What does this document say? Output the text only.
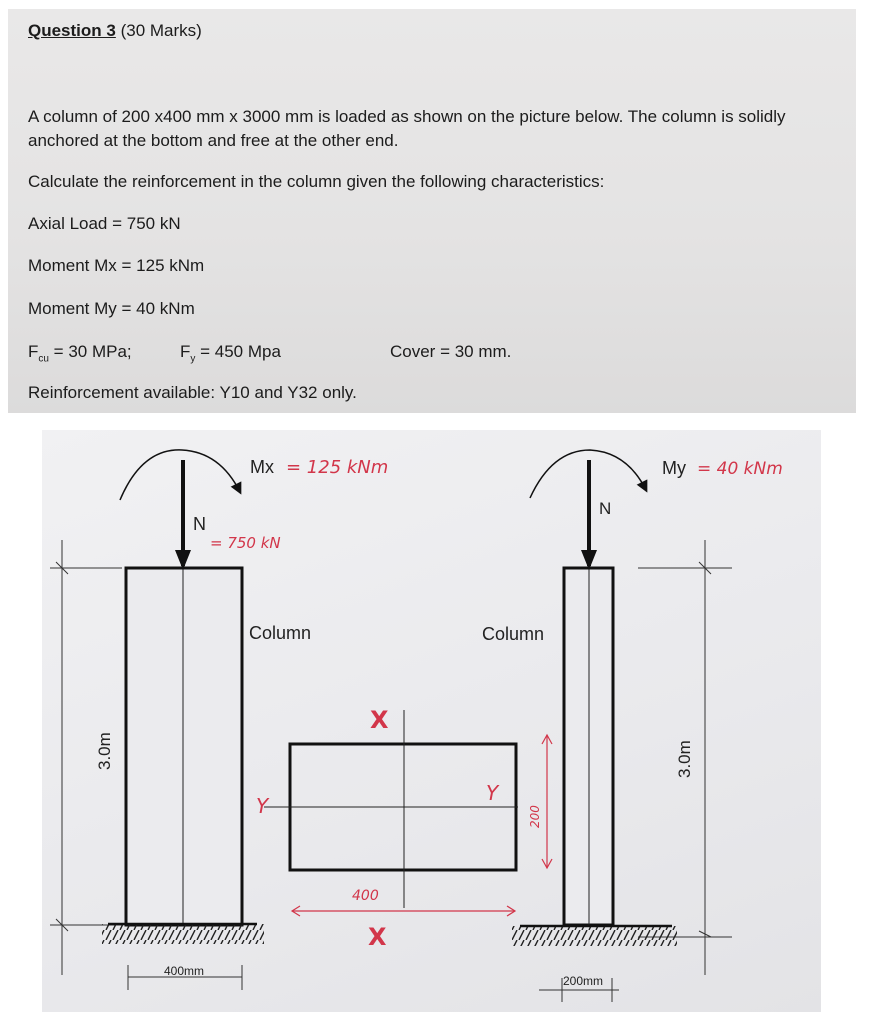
Question 3 (30 Marks)
A column of 200 x400 mm x 3000 mm is loaded as shown on the picture below. The column is solidly anchored at the bottom and free at the other end.
Calculate the reinforcement in the column given the following characteristics:
Axial Load = 750 kN
Moment Mx = 125 kNm
Moment My = 40 kNm
$F_{cu} = 30$ MPa;	$F_y = 450$ Mpa	Cover = 30 mm.
Reinforcement available: Y10 and Y32 only.
Mx = 125 kNm
N
= 750 kN
Column	Column
3.0m	3.0m
400mm
200mm
X
X
Y
Y
400
200
My = 40 kNm
N
